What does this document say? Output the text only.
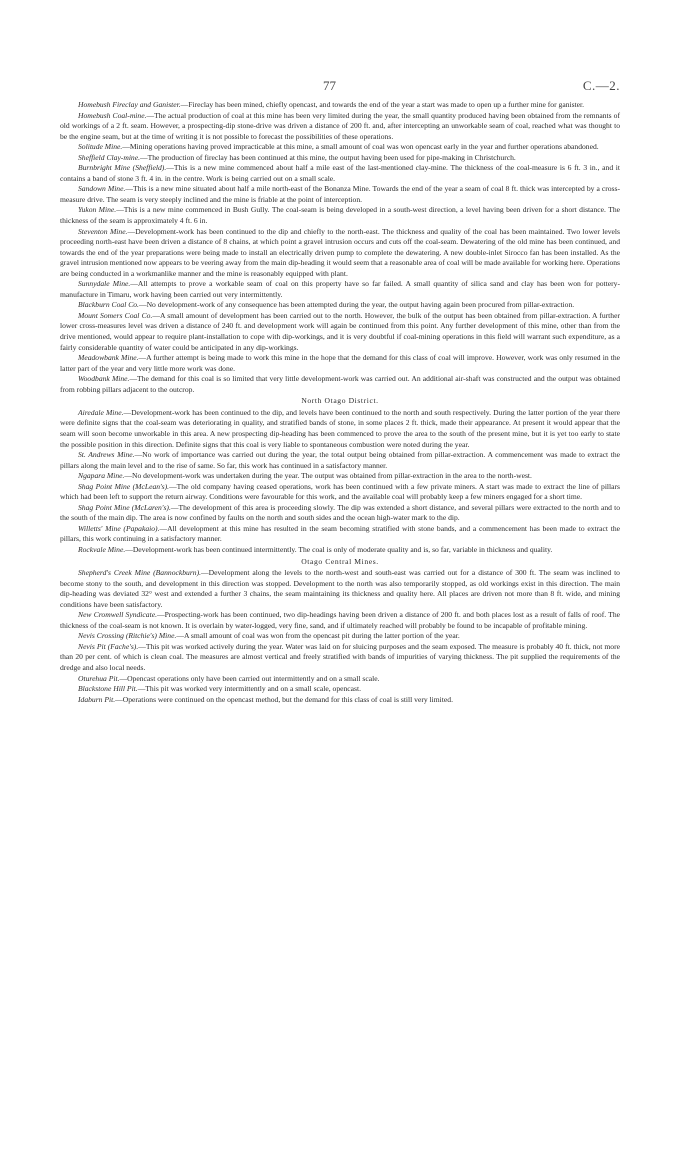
77	C.—2.

Homebush Fireclay and Ganister.—Fireclay has been mined, chiefly opencast, and towards the end of the year a start was made to open up a further mine for ganister.

Homebush Coal-mine.—The actual production of coal at this mine has been very limited during the year, the small quantity produced having been obtained from the remnants of old workings of a 2 ft. seam. However, a prospecting-dip stone-drive was driven a distance of 200 ft. and, after intercepting an unworkable seam of coal, reached what was thought to be the engine seam, but at the time of writing it is not possible to forecast the possibilities of these operations.

Solitude Mine.—Mining operations having proved impracticable at this mine, a small amount of coal was won opencast early in the year and further operations abandoned.

Sheffield Clay-mine.—The production of fireclay has been continued at this mine, the output having been used for pipe-making in Christchurch.

Burnbright Mine (Sheffield).—This is a new mine commenced about half a mile east of the last-mentioned clay-mine. The thickness of the coal-measure is 6 ft. 3 in., and it contains a band of stone 3 ft. 4 in. in the centre. Work is being carried out on a small scale.

Sandown Mine.—This is a new mine situated about half a mile north-east of the Bonanza Mine. Towards the end of the year a seam of coal 8 ft. thick was intercepted by a cross-measure drive. The seam is very steeply inclined and the mine is friable at the point of interception.

Yukon Mine.—This is a new mine commenced in Bush Gully. The coal-seam is being developed in a south-west direction, a level having been driven for a short distance. The thickness of the seam is approximately 4 ft. 6 in.

Steventon Mine.—Development-work has been continued to the dip and chiefly to the north-east. The thickness and quality of the coal has been maintained. Two lower levels proceeding north-east have been driven a distance of 8 chains, at which point a gravel intrusion occurs and cuts off the coal-seam. Dewatering of the old mine has been continued, and towards the end of the year preparations were being made to install an electrically driven pump to complete the dewatering. A new double-inlet Sirocco fan has been installed. As the gravel intrusion mentioned now appears to be veering away from the main dip-heading it would seem that a reasonable area of coal will be made available for working here. Operations are being conducted in a workmanlike manner and the mine is reasonably equipped with plant.

Sunnydale Mine.—All attempts to prove a workable seam of coal on this property have so far failed. A small quantity of silica sand and clay has been won for pottery-manufacture in Timaru, work having been carried out very intermittently.

Blackburn Coal Co.—No development-work of any consequence has been attempted during the year, the output having again been procured from pillar-extraction.

Mount Somers Coal Co.—A small amount of development has been carried out to the north. However, the bulk of the output has been obtained from pillar-extraction. A further lower cross-measures level was driven a distance of 240 ft. and development work will again be continued from this point. Any further development of this mine, other than from the drive mentioned, would appear to require plant-installation to cope with dip-workings, and it is very doubtful if coal-mining operations in this field will warrant such expenditure, as a fairly considerable quantity of water could be anticipated in any dip-workings.

Meadowbank Mine.—A further attempt is being made to work this mine in the hope that the demand for this class of coal will improve. However, work was only resumed in the latter part of the year and very little more work was done.

Woodbank Mine.—The demand for this coal is so limited that very little development-work was carried out. An additional air-shaft was constructed and the output was obtained from robbing pillars adjacent to the outcrop.

North Otago District.

Airedale Mine.—Development-work has been continued to the dip, and levels have been continued to the north and south respectively. During the latter portion of the year there were definite signs that the coal-seam was deteriorating in quality, and stratified bands of stone, in some places 2 ft. thick, made their appearance. At present it would appear that the seam will soon become unworkable in this area. A new prospecting dip-heading has been commenced to prove the area to the south of the present mine, but it is yet too early to state the possible position in this direction. Definite signs that this coal is very liable to spontaneous combustion were noted during the year.

St. Andrews Mine.—No work of importance was carried out during the year, the total output being obtained from pillar-extraction. A commencement was made to extract the pillars along the main level and to the rise of same. So far, this work has continued in a satisfactory manner.

Ngapara Mine.—No development-work was undertaken during the year. The output was obtained from pillar-extraction in the area to the north-west.

Shag Point Mine (McLean's).—The old company having ceased operations, work has been continued with a few private miners. A start was made to extract the line of pillars which had been left to support the return airway. Conditions were favourable for this work, and the available coal will probably keep a few miners engaged for a short time.

Shag Point Mine (McLaren's).—The development of this area is proceeding slowly. The dip was extended a short distance, and several pillars were extracted to the north and to the south of the main dip. The area is now confined by faults on the north and south sides and the ocean high-water mark to the dip.

Willetts' Mine (Papakaio).—All development at this mine has resulted in the seam becoming stratified with stone bands, and a commencement has been made to extract the pillars, this work continuing in a satisfactory manner.

Rockvale Mine.—Development-work has been continued intermittently. The coal is only of moderate quality and is, so far, variable in thickness and quality.

Otago Central Mines.

Shepherd's Creek Mine (Bannockburn).—Development along the levels to the north-west and south-east was carried out for a distance of 300 ft. The seam was inclined to become stony to the south, and development in this direction was stopped. Development to the north was also temporarily stopped, as old workings exist in this direction. The main dip-heading was deviated 32° west and extended a further 3 chains, the seam maintaining its thickness and quality here. All places are driven not more than 8 ft. wide, and mining conditions have been satisfactory.

New Cromwell Syndicate.—Prospecting-work has been continued, two dip-headings having been driven a distance of 200 ft. and both places lost as a result of falls of roof. The thickness of the coal-seam is not known. It is overlain by water-logged, very fine, sand, and if ultimately reached will probably be found to be incapable of profitable mining.

Nevis Crossing (Ritchie's) Mine.—A small amount of coal was won from the opencast pit during the latter portion of the year.

Nevis Pit (Fache's).—This pit was worked actively during the year. Water was laid on for sluicing purposes and the seam exposed. The measure is probably 40 ft. thick, not more than 20 per cent. of which is clean coal. The measures are almost vertical and freely stratified with bands of impurities of varying thickness. The pit supplied the requirements of the dredge and also local needs.

Oturehua Pit.—Opencast operations only have been carried out intermittently and on a small scale.

Blackstone Hill Pit.—This pit was worked very intermittently and on a small scale, opencast.

Idaburn Pit.—Operations were continued on the opencast method, but the demand for this class of coal is still very limited.
